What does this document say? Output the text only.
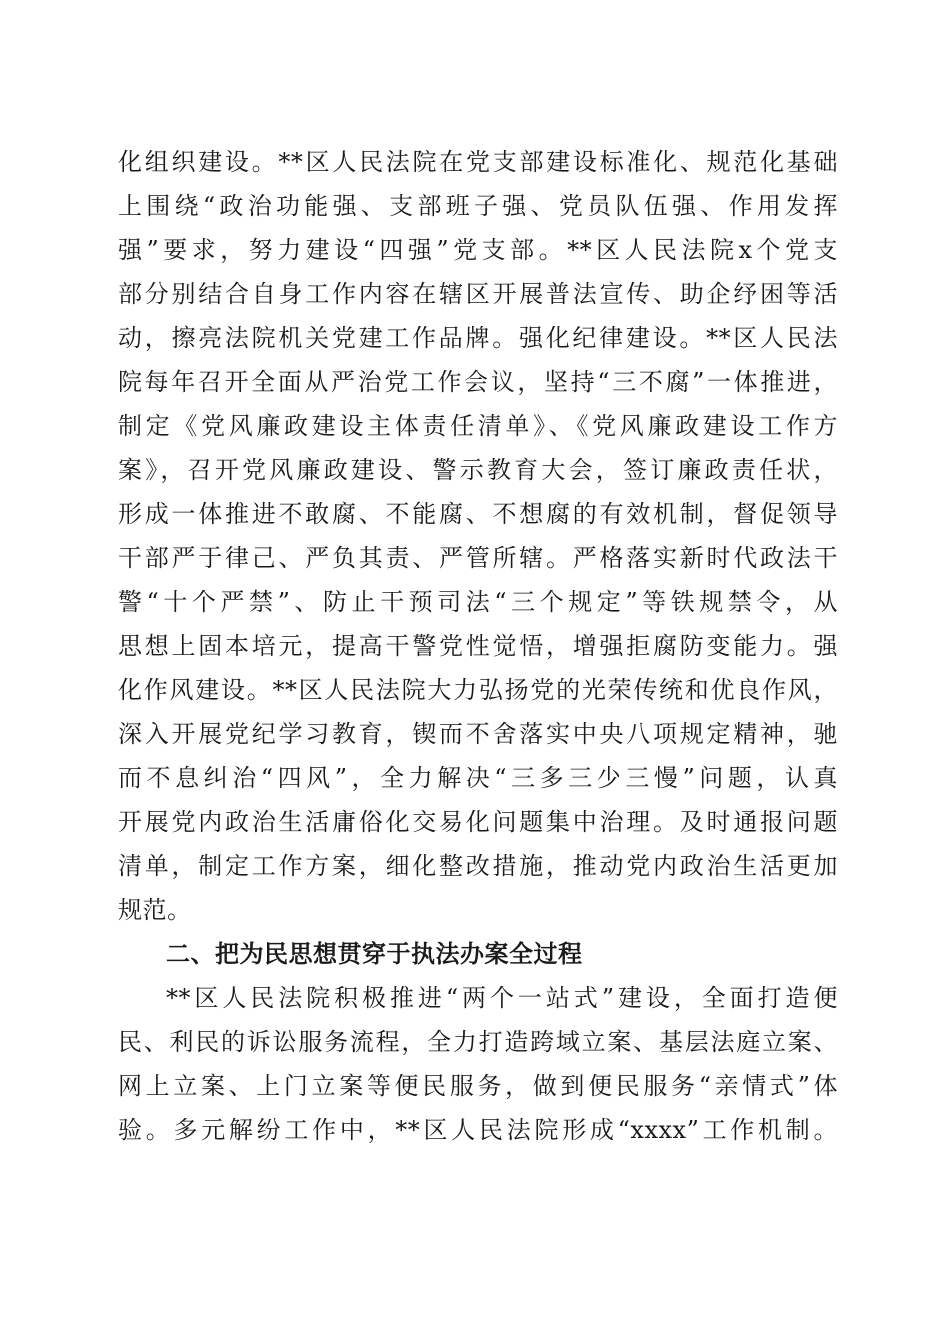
化组织建设。**区人民法院在党支部建设标准化、规范化基础
上围绕“政治功能强、支部班子强、党员队伍强、作用发挥
强”要求，努力建设“四强”党支部。**区人民法院x个党支
部分别结合自身工作内容在辖区开展普法宣传、助企纾困等活
动，擦亮法院机关党建工作品牌。强化纪律建设。**区人民法
院每年召开全面从严治党工作会议，坚持“三不腐”一体推进，
制定《党风廉政建设主体责任清单》、《党风廉政建设工作方
案》，召开党风廉政建设、警示教育大会，签订廉政责任状，
形成一体推进不敢腐、不能腐、不想腐的有效机制，督促领导
干部严于律己、严负其责、严管所辖。严格落实新时代政法干
警“十个严禁”、防止干预司法“三个规定”等铁规禁令，从
思想上固本培元，提高干警党性觉悟，增强拒腐防变能力。强
化作风建设。**区人民法院大力弘扬党的光荣传统和优良作风，
深入开展党纪学习教育，锲而不舍落实中央八项规定精神，驰
而不息纠治“四风”，全力解决“三多三少三慢”问题，认真
开展党内政治生活庸俗化交易化问题集中治理。及时通报问题
清单，制定工作方案，细化整改措施，推动党内政治生活更加
规范。
二、把为民思想贯穿于执法办案全过程
**区人民法院积极推进“两个一站式”建设，全面打造便
民、利民的诉讼服务流程，全力打造跨域立案、基层法庭立案、
网上立案、上门立案等便民服务，做到便民服务“亲情式”体
验。多元解纷工作中，**区人民法院形成“xxxx”工作机制。
